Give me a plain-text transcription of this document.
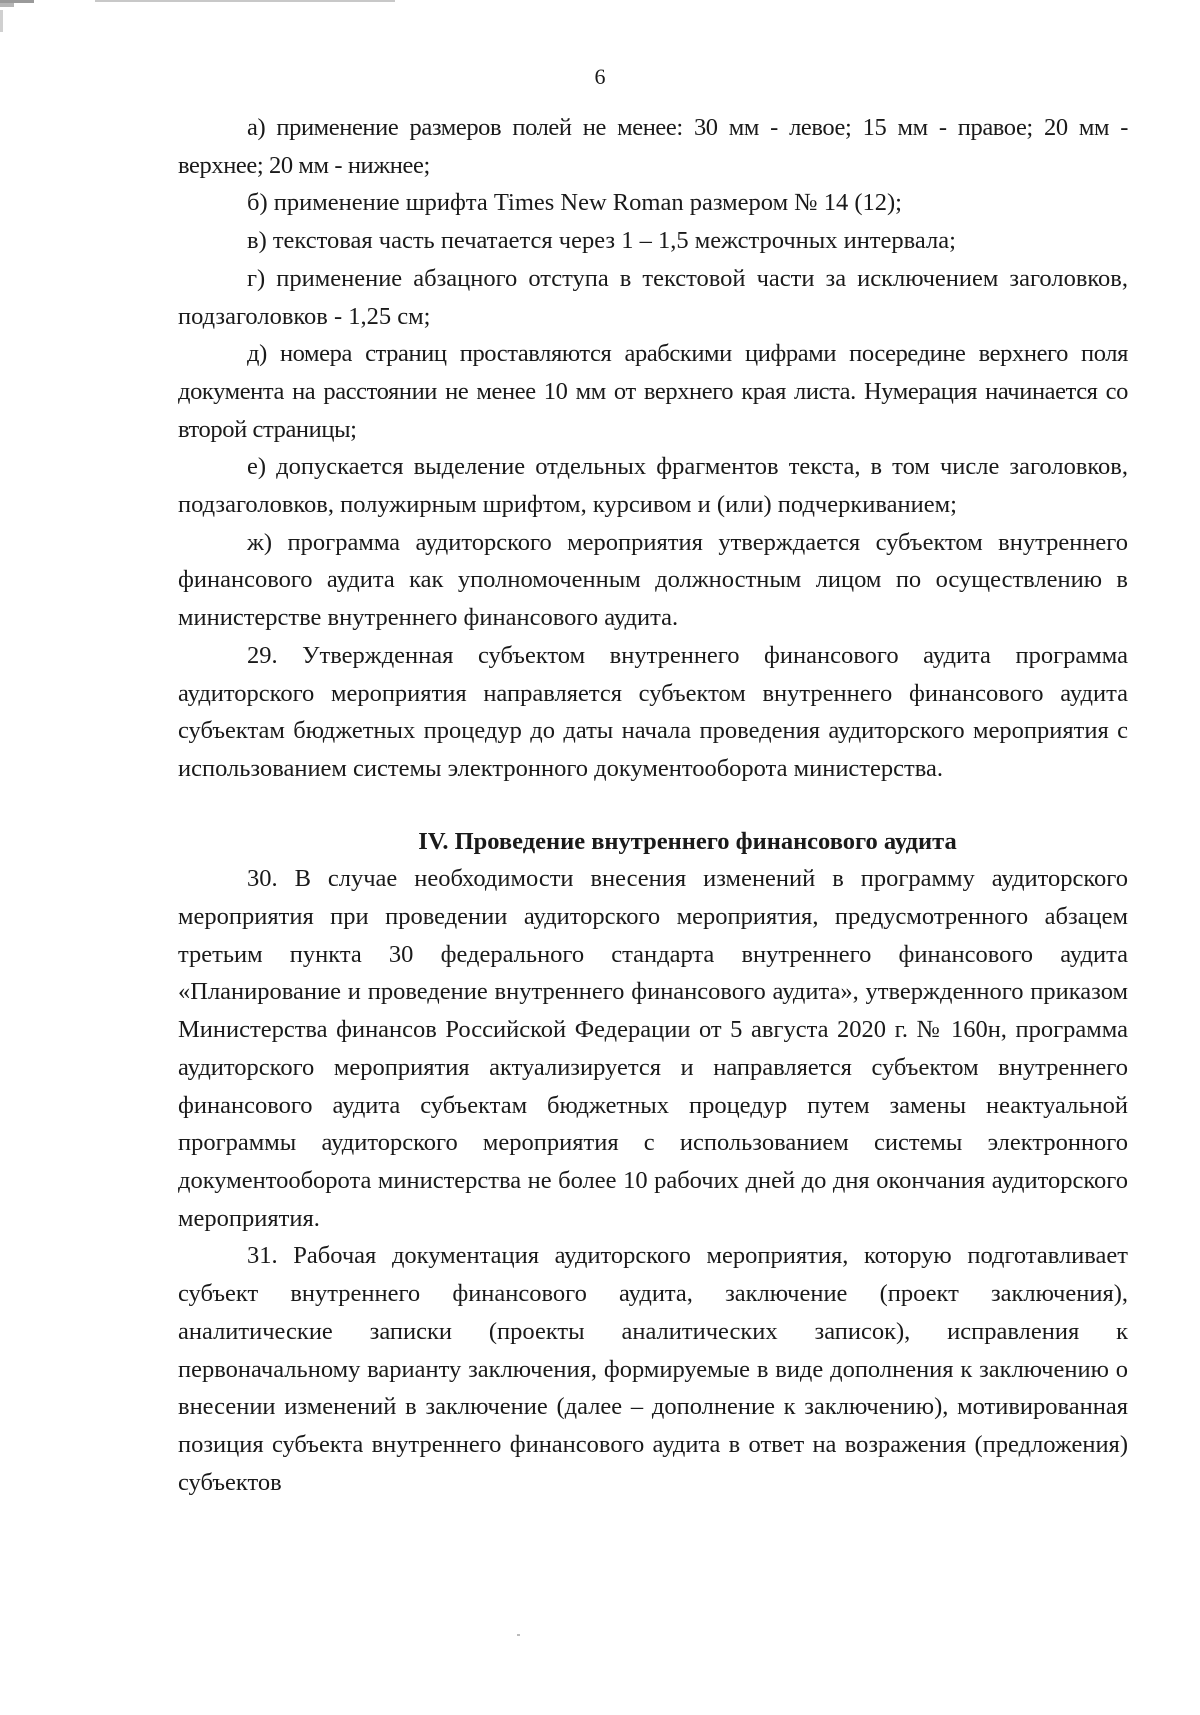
6

а) применение размеров полей не менее: 30 мм - левое; 15 мм - правое; 20 мм - верхнее; 20 мм - нижнее;

б) применение шрифта Times New Roman размером № 14 (12);

в) текстовая часть печатается через 1 – 1,5 межстрочных интервала;

г) применение абзацного отступа в текстовой части за исключением заголовков, подзаголовков - 1,25 см;

д) номера страниц проставляются арабскими цифрами посередине верхнего поля документа на расстоянии не менее 10 мм от верхнего края листа. Нумерация начинается со второй страницы;

е) допускается выделение отдельных фрагментов текста, в том числе заголовков, подзаголовков, полужирным шрифтом, курсивом и (или) подчеркиванием;

ж) программа аудиторского мероприятия утверждается субъектом внутреннего финансового аудита как уполномоченным должностным лицом по осуществлению в министерстве внутреннего финансового аудита.

29. Утвержденная субъектом внутреннего финансового аудита программа аудиторского мероприятия направляется субъектом внутреннего финансового аудита субъектам бюджетных процедур до даты начала проведения аудиторского мероприятия с использованием системы электронного документооборота министерства.

IV. Проведение внутреннего финансового аудита

30. В случае необходимости внесения изменений в программу аудиторского мероприятия при проведении аудиторского мероприятия, предусмотренного абзацем третьим пункта 30 федерального стандарта внутреннего финансового аудита «Планирование и проведение внутреннего финансового аудита», утвержденного приказом Министерства финансов Российской Федерации от 5 августа 2020 г. № 160н, программа аудиторского мероприятия актуализируется и направляется субъектом внутреннего финансового аудита субъектам бюджетных процедур путем замены неактуальной программы аудиторского мероприятия с использованием системы электронного документооборота министерства не более 10 рабочих дней до дня окончания аудиторского мероприятия.

31. Рабочая документация аудиторского мероприятия, которую подготавливает субъект внутреннего финансового аудита, заключение (проект заключения), аналитические записки (проекты аналитических записок), исправления к первоначальному варианту заключения, формируемые в виде дополнения к заключению о внесении изменений в заключение (далее – дополнение к заключению), мотивированная позиция субъекта внутреннего финансового аудита в ответ на возражения (предложения) субъектов
